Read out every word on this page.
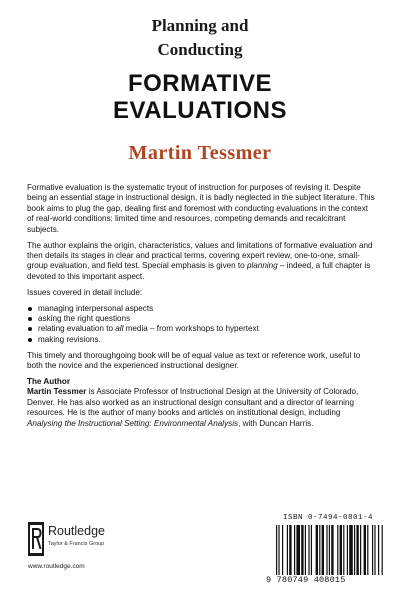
Planning and
Conducting
FORMATIVE
EVALUATIONS
Martin Tessmer

Formative evaluation is the systematic tryout of instruction for purposes of revising it. Despite being an essential stage in instructional design, it is badly neglected in the subject literature. This book aims to plug the gap, dealing first and foremost with conducting evaluations in the context of real-world conditions: limited time and resources, competing demands and recalcitrant subjects.

The author explains the origin, characteristics, values and limitations of formative evaluation and then details its stages in clear and practical terms, covering expert review, one-to-one, small-group evaluation, and field test. Special emphasis is given to planning – indeed, a full chapter is devoted to this important aspect.

Issues covered in detail include:

managing interpersonal aspects
asking the right questions
relating evaluation to all media – from workshops to hypertext
making revisions.

This timely and thoroughgoing book will be of equal value as text or reference work, useful to both the novice and the experienced instructional designer.

The Author

Martin Tessmer is Associate Professor of Instructional Design at the University of Colorado, Denver. He has also worked as an instructional design consultant and a director of learning resources. He is the author of many books and articles on institutional design, including Analysing the Instructional Setting: Environmental Analysis, with Duncan Harris.

Routledge
Taylor & Francis Group
www.routledge.com
ISBN 0-7494-0801-4
9 780749 408015
